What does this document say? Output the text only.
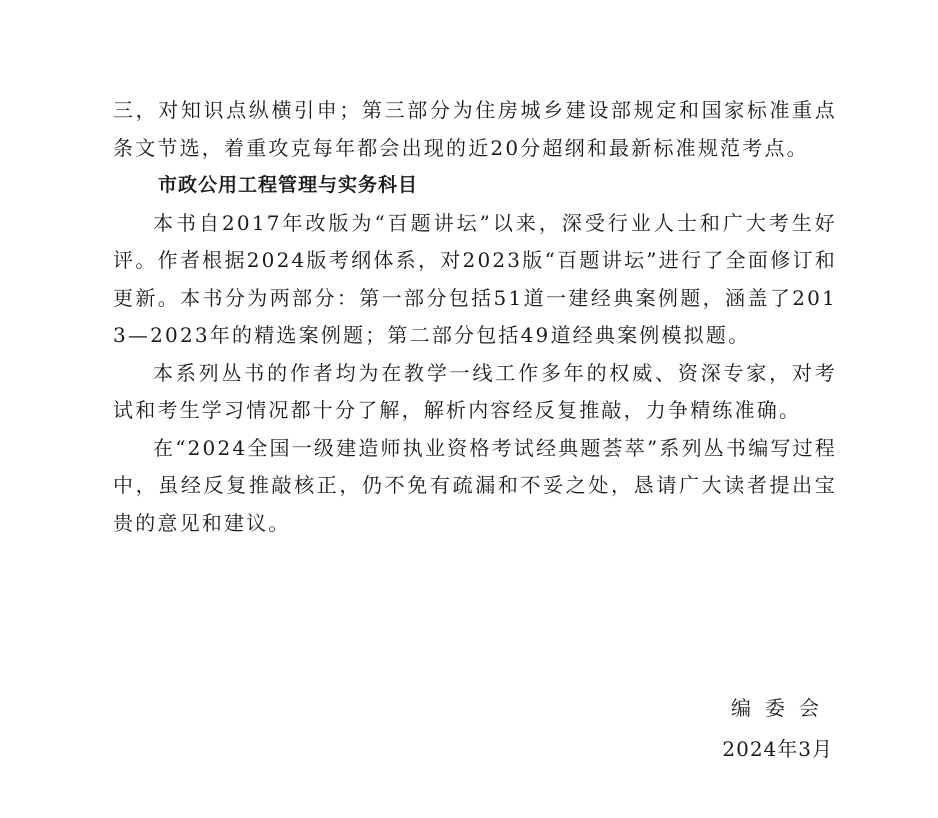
三，对知识点纵横引申；第三部分为住房城乡建设部规定和国家标准重点条文节选，着重攻克每年都会出现的近20分超纲和最新标准规范考点。

市政公用工程管理与实务科目

本书自2017年改版为“百题讲坛”以来，深受行业人士和广大考生好评。作者根据2024版考纲体系，对2023版“百题讲坛”进行了全面修订和更新。本书分为两部分：第一部分包括51道一建经典案例题，涵盖了2013—2023年的精选案例题；第二部分包括49道经典案例模拟题。

本系列丛书的作者均为在教学一线工作多年的权威、资深专家，对考试和考生学习情况都十分了解，解析内容经反复推敲，力争精练准确。

在“2024全国一级建造师执业资格考试经典题荟萃”系列丛书编写过程中，虽经反复推敲核正，仍不免有疏漏和不妥之处，恳请广大读者提出宝贵的意见和建议。

编委会

2024年3月
